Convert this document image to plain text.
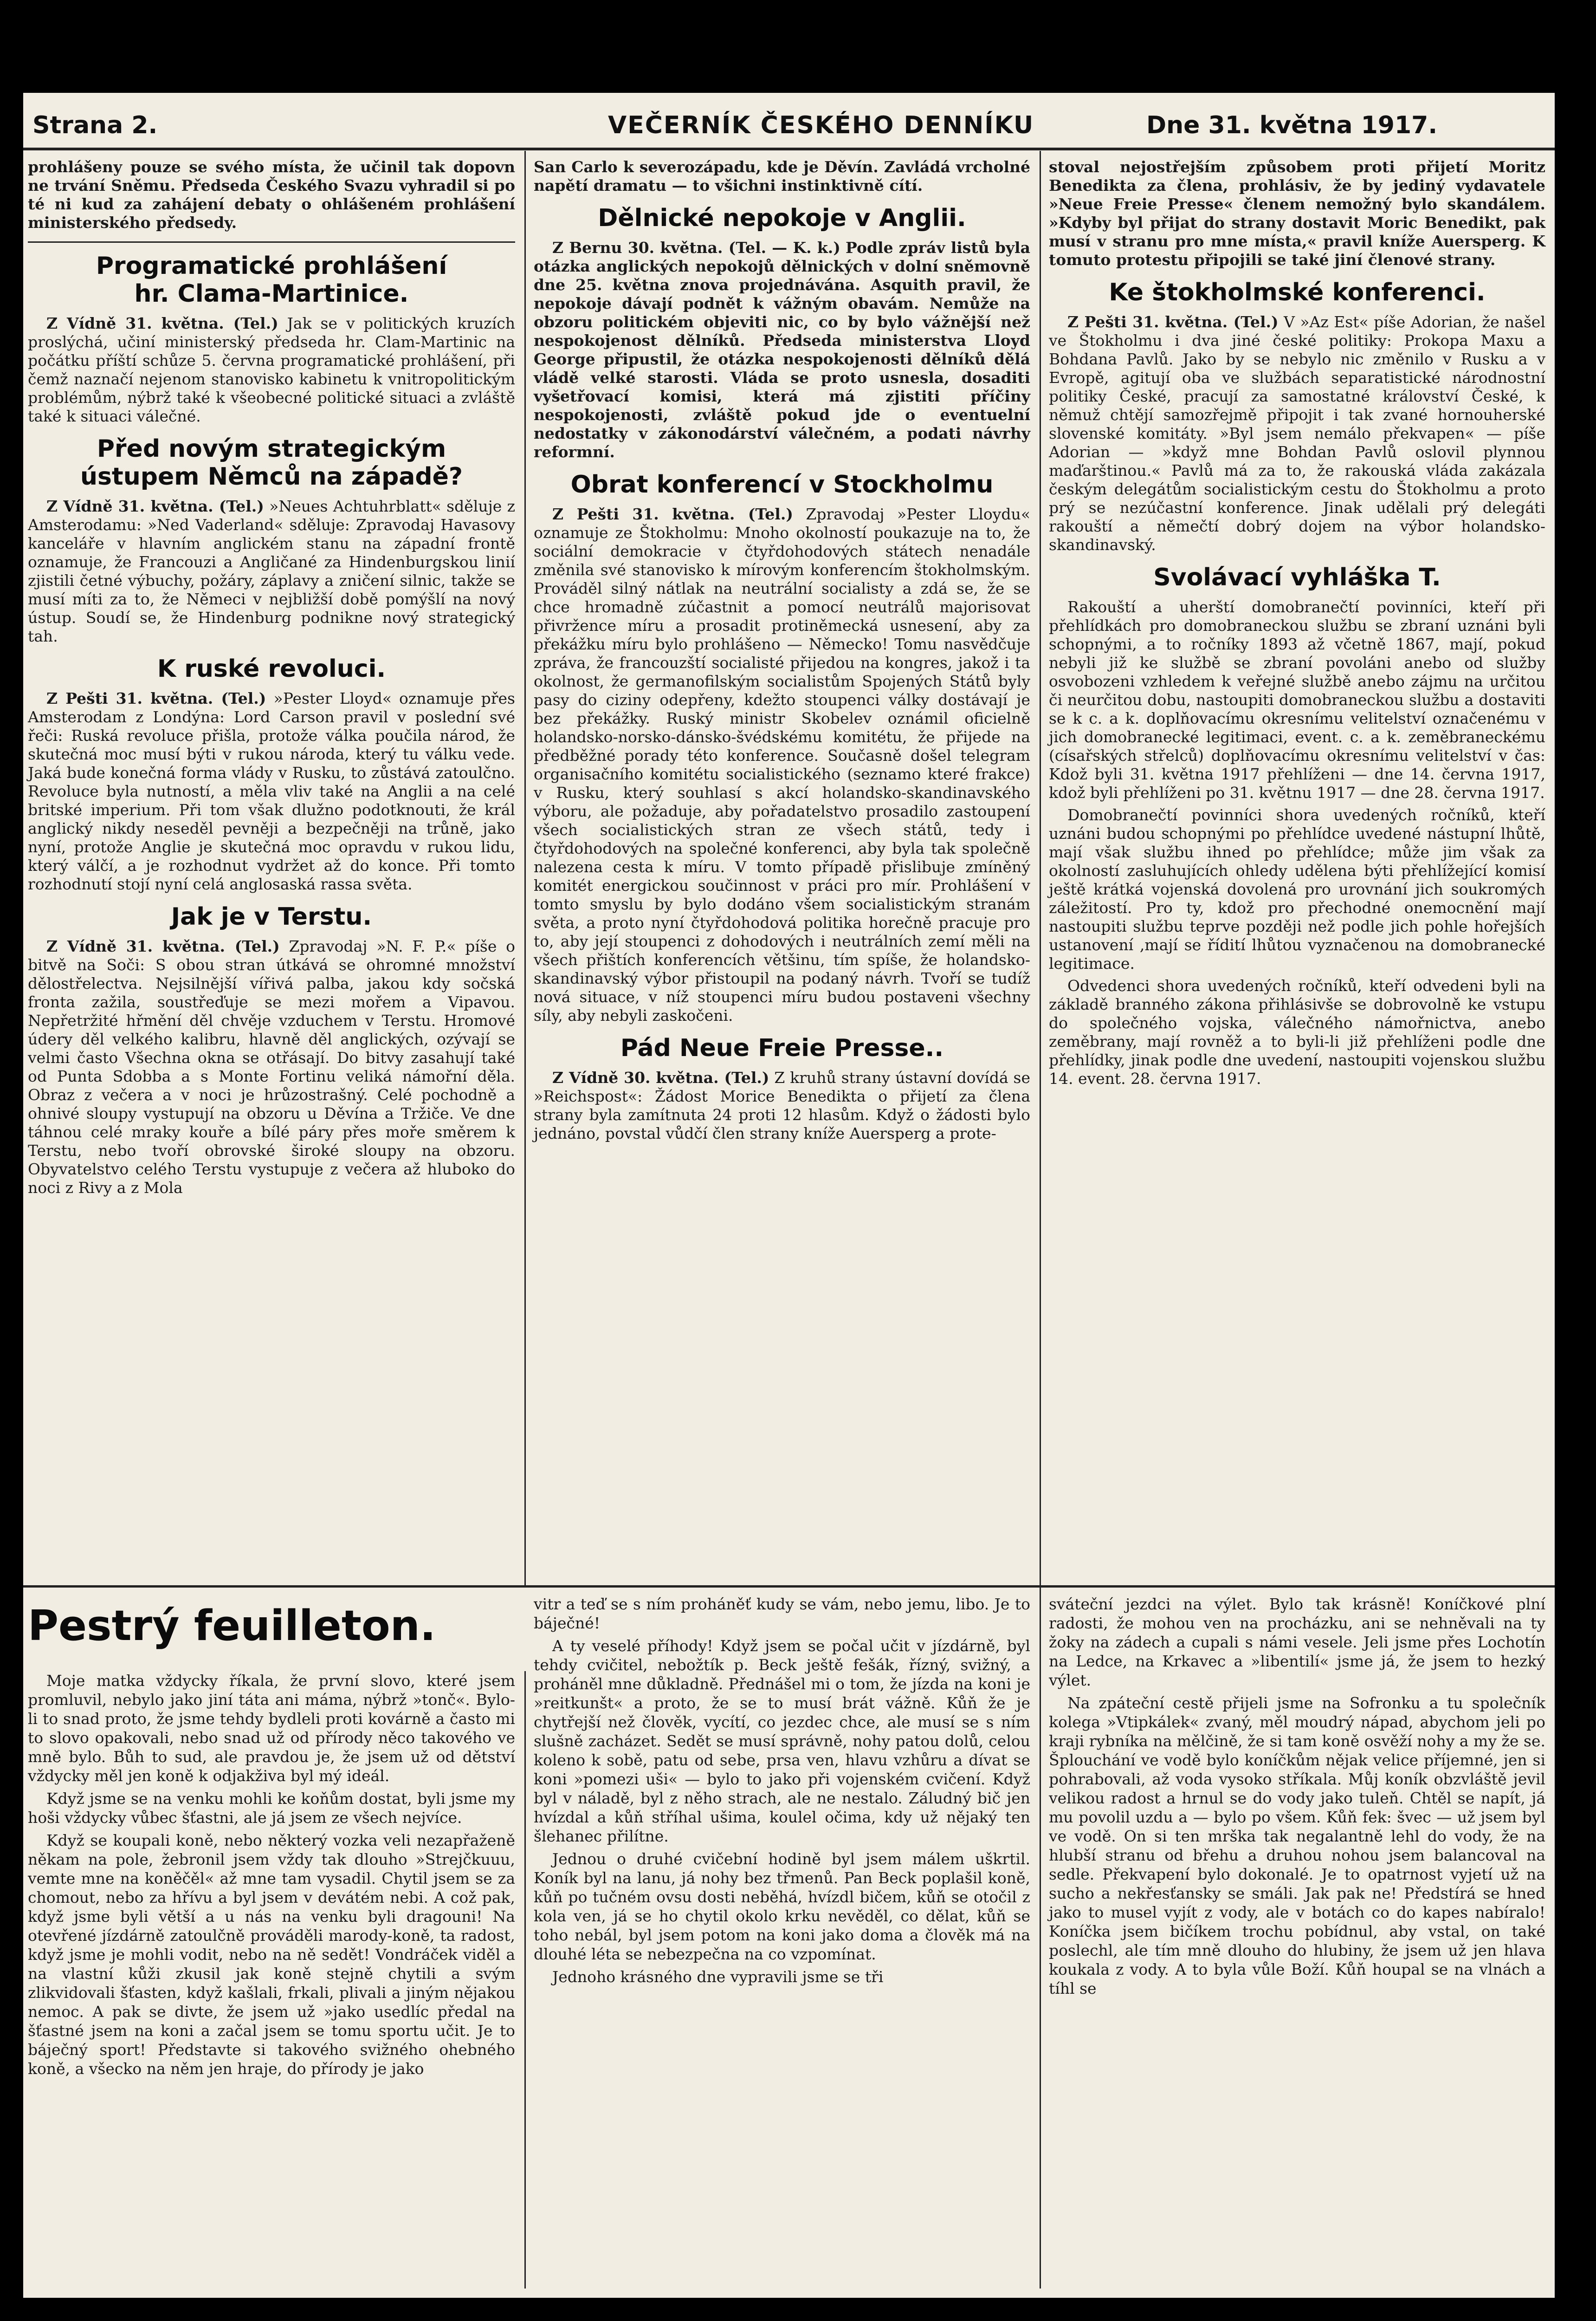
Strana 2.	VEČERNÍK ČESKÉHO DENNÍKU	Dne 31. května 1917.

prohlášeny pouze se svého místa, že učinil tak dopovn ne trvání Sněmu. Předseda Českého Svazu vyhradil si po té ni kud za zahájení debaty o ohlášeném prohlášení ministerského předsedy.

Programatické prohlášení
hr. Clama-Martinice.

Z Vídně 31. května. (Tel.) Jak se v politických kruzích proslýchá, učiní ministerský předseda hr. Clam-Martinic na počátku příští schůze 5. června programatické prohlášení, při čemž naznačí nejenom stanovisko kabinetu k vnitropolitickým problémům, nýbrž také k všeobecné politické situaci a zvláště také k situaci válečné.

Před novým strategickým
ústupem Němců na západě?

Z Vídně 31. května. (Tel.) »Neues Achtuhrblatt« sděluje z Amsterodamu: »Ned Vaderland« sděluje: Zpravodaj Havasovy kanceláře v hlavním anglickém stanu na západní frontě oznamuje, že Francouzi a Angličané za Hindenburgskou linií zjistili četné výbuchy, požáry, záplavy a zničení silnic, takže se musí míti za to, že Němeci v nejbližší době pomýšlí na nový ústup. Soudí se, že Hindenburg podnikne nový strategický tah.

K ruské revoluci.

Z Pešti 31. května. (Tel.) »Pester Lloyd« oznamuje přes Amsterodam z Londýna: Lord Carson pravil v poslední své řeči: Ruská revoluce přišla, protože válka poučila národ, že skutečná moc musí býti v rukou národa, který tu válku vede. Jaká bude konečná forma vlády v Rusku, to zůstává zatoulčno. Revoluce byla nutností, a měla vliv také na Anglii a na celé britské imperium. Při tom však dlužno podotknouti, že král anglický nikdy neseděl pevněji a bezpečněji na trůně, jako nyní, protože Anglie je skutečná moc opravdu v rukou lidu, který válčí, a je rozhodnut vydržet až do konce. Při tomto rozhodnutí stojí nyní celá anglosaská rassa světa.

Jak je v Terstu.

Z Vídně 31. května. (Tel.) Zpravodaj »N. F. P.« píše o bitvě na Soči: S obou stran útkává se ohromné množství dělostřelectva. Nejsilnější vířivá palba, jakou kdy sočská fronta zažila, soustřeďuje se mezi mořem a Vipavou. Nepřetržité hřmění děl chvěje vzduchem v Terstu. Hromové údery děl velkého kalibru, hlavně děl anglických, ozývají se velmi často Všechna okna se otřásají. Do bitvy zasahují také od Punta Sdobba a s Monte Fortinu veliká námořní děla. Obraz z večera a v noci je hrůzostrašný. Celé pochodně a ohnivé sloupy vystupují na obzoru u Děvína a Tržiče. Ve dne táhnou celé mraky kouře a bílé páry přes moře směrem k Terstu, nebo tvoří obrovské široké sloupy na obzoru. Obyvatelstvo celého Terstu vystupuje z večera až hluboko do noci z Rivy a z Mola

San Carlo k severozápadu, kde je Děvín. Zavládá vrcholné napětí dramatu — to všichni instinktivně cítí.

Dělnické nepokoje v Anglii.

Z Bernu 30. května. (Tel. — K. k.) Podle zpráv listů byla otázka anglických nepokojů dělnických v dolní sněmovně dne 25. května znova projednávána. Asquith pravil, že nepokoje dávají podnět k vážným obavám. Nemůže na obzoru politickém objeviti nic, co by bylo vážnější než nespokojenost dělníků. Předseda ministerstva Lloyd George připustil, že otázka nespokojenosti dělníků dělá vládě velké starosti. Vláda se proto usnesla, dosaditi vyšetřovací komisi, která má zjistiti příčiny nespokojenosti, zvláště pokud jde o eventuelní nedostatky v zákonodárství válečném, a podati návrhy reformní.

Obrat konferencí v Stockholmu

Z Pešti 31. května. (Tel.) Zpravodaj »Pester Lloydu« oznamuje ze Štokholmu: Mnoho okolností poukazuje na to, že sociální demokracie v čtyřdohodových státech nenadále změnila své stanovisko k mírovým konferencím štokholmským. Prováděl silný nátlak na neutrální socialisty a zdá se, že se chce hromadně zúčastnit a pomocí neutrálů majorisovat přivržence míru a prosadit protiněmecká usnesení, aby za překážku míru bylo prohlášeno — Německo! Tomu nasvědčuje zpráva, že francouzští socialisté přijedou na kongres, jakož i ta okolnost, že germanofilským socialistům Spojených Států byly pasy do ciziny odepřeny, kdežto stoupenci války dostávají je bez překážky. Ruský ministr Skobelev oznámil oficielně holandsko-norsko-dánsko-švédskému komitétu, že přijede na předběžné porady této konference. Současně došel telegram organisačního komitétu socialistického (seznamo které frakce) v Rusku, který souhlasí s akcí holandsko-skandinavského výboru, ale požaduje, aby pořadatelstvo prosadilo zastoupení všech socialistických stran ze všech států, tedy i čtyřdohodových na společné konferenci, aby byla tak společně nalezena cesta k míru. V tomto případě přislibuje zmíněný komitét energickou součinnost v práci pro mír. Prohlášení v tomto smyslu by bylo dodáno všem socialistickým stranám světa, a proto nyní čtyřdohodová politika horečně pracuje pro to, aby její stoupenci z dohodových i neutrálních zemí měli na všech přištích konferencích většinu, tím spíše, že holandsko-skandinavský výbor přistoupil na podaný návrh. Tvoří se tudíž nová situace, v níž stoupenci míru budou postaveni všechny síly, aby nebyli zaskočeni.

Pád Neue Freie Presse..

Z Vídně 30. května. (Tel.) Z kruhů strany ústavní dovídá se »Reichspost«: Žádost Morice Benedikta o přijetí za člena strany byla zamítnuta 24 proti 12 hlasům. Když o žádosti bylo jednáno, povstal vůdčí člen strany kníže Auersperg a prote-

stoval nejostřejším způsobem proti přijetí Moritz Benedikta za člena, prohlásiv, že by jediný vydavatele »Neue Freie Presse« členem nemožný bylo skandálem. »Kdyby byl přijat do strany dostavit Moric Benedikt, pak musí v stranu pro mne místa,« pravil kníže Auersperg. K tomuto protestu připojili se také jiní členové strany.

Ke štokholmské konferenci.

Z Pešti 31. května. (Tel.) V »Az Est« píše Adorian, že našel ve Štokholmu i dva jiné české politiky: Prokopa Maxu a Bohdana Pavlů. Jako by se nebylo nic změnilo v Rusku a v Evropě, agitují oba ve službách separatistické národnostní politiky České, pracují za samostatné království České, k němuž chtějí samozřejmě připojit i tak zvané hornouherské slovenské komitáty. »Byl jsem nemálo překvapen« — píše Adorian — »když mne Bohdan Pavlů oslovil plynnou maďarštinou.« Pavlů má za to, že rakouská vláda zakázala českým delegátům socialistickým cestu do Štokholmu a proto prý se nezúčastní konference. Jinak udělali prý delegáti rakouští a němečtí dobrý dojem na výbor holandsko-skandinavský.

Svolávací vyhláška T.

Rakouští a uherští domobranečtí povinníci, kteří při přehlídkách pro domobraneckou službu se zbraní uznáni byli schopnými, a to ročníky 1893 až včetně 1867, mají, pokud nebyli již ke službě se zbraní povoláni anebo od služby osvobozeni vzhledem k veřejné službě anebo zájmu na určitou či neurčitou dobu, nastoupiti domobraneckou službu a dostaviti se k c. a k. doplňovacímu okresnímu velitelství označenému v jich domobranecké legitimaci, event. c. a k. zeměbraneckému (císařských střelců) doplňovacímu okresnímu velitelství v čas: Kdož byli 31. května 1917 přehlíženi — dne 14. června 1917, kdož byli přehlíženi po 31. květnu 1917 — dne 28. června 1917.

Domobranečtí povinníci shora uvedených ročníků, kteří uznáni budou schopnými po přehlídce uvedené nástupní lhůtě, mají však službu ihned po přehlídce; může jim však za okolností zasluhujících ohledy udělena býti přehlížející komisí ještě krátká vojenská dovolená pro urovnání jich soukromých záležitostí. Pro ty, kdož pro přechodné onemocnění mají nastoupiti službu teprve později než podle jich pohle hořejších ustanovení ,mají se řídití lhůtou vyznačenou na domobranecké legitimace.

Odvedenci shora uvedených ročníků, kteří odvedeni byli na základě branného zákona přihlásivše se dobrovolně ke vstupu do společného vojska, válečného námořnictva, anebo zeměbrany, mají rovněž a to byli-li již přehlíženi podle dne přehlídky, jinak podle dne uvedení, nastoupiti vojenskou službu 14. event. 28. června 1917.

Pestrý feuilleton.

Moje matka vždycky říkala, že první slovo, které jsem promluvil, nebylo jako jiní táta ani máma, nýbrž »tonč«. Bylo-li to snad proto, že jsme tehdy bydleli proti kovárně a často mi to slovo opakovali, nebo snad už od přírody něco takového ve mně bylo. Bůh to sud, ale pravdou je, že jsem už od dětství vždycky měl jen koně k odjakživa byl mý ideál.

Když jsme se na venku mohli ke koňům dostat, byli jsme my hoši vždycky vůbec šťastni, ale já jsem ze všech nejvíce.

Když se koupali koně, nebo některý vozka veli nezapřaženě někam na pole, žebronil jsem vždy tak dlouho »Strejčkuuu, vemte mne na koněčěl« až mne tam vysadil. Chytil jsem se za chomout, nebo za hřívu a byl jsem v devátém nebi. A což pak, když jsme byli větší a u nás na venku byli dragouni! Na otevřené jízdárně zatoulčně prováděli marody-koně, ta radost, když jsme je mohli vodit, nebo na ně sedět! Vondráček viděl a na vlastní kůži zkusil jak koně stejně chytili a svým zlikvidovali šťasten, když kašlali, frkali, plivali a jiným nějakou nemoc. A pak se divte, že jsem už »jako usedlíc předal na šťastné jsem na koni a začal jsem se tomu sportu učit. Je to báječný sport! Představte si takového svižného ohebného koně, a všecko na něm jen hraje, do přírody je jako

vitr a teď se s ním proháněť kudy se vám, nebo jemu, libo. Je to báječné!

A ty veselé příhody! Když jsem se počal učit v jízdárně, byl tehdy cvičitel, nebožtík p. Beck ještě fešák, řízný, svižný, a proháněl mne důkladně. Přednášel mi o tom, že jízda na koni je »reitkunšt« a proto, že se to musí brát vážně. Kůň že je chytřejší než člověk, vycítí, co jezdec chce, ale musí se s ním slušně zacházet. Sedět se musí správně, nohy patou dolů, celou koleno k sobě, patu od sebe, prsa ven, hlavu vzhůru a dívat se koni »pomezi uši« — bylo to jako při vojenském cvičení. Když byl v náladě, byl z něho strach, ale ne nestalo. Záludný bič jen hvízdal a kůň stříhal ušima, koulel očima, kdy už nějaký ten šlehanec přilítne.

Jednou o druhé cvičební hodině byl jsem málem uškrtil. Koník byl na lanu, já nohy bez třmenů. Pan Beck poplašil koně, kůň po tučném ovsu dosti neběhá, hvízdl bičem, kůň se otočil z kola ven, já se ho chytil okolo krku nevěděl, co dělat, kůň se toho nebál, byl jsem potom na koni jako doma a člověk má na dlouhé léta se nebezpečna na co vzpomínat.

Jednoho krásného dne vypravili jsme se tři

sváteční jezdci na výlet. Bylo tak krásně! Koníčkové plní radosti, že mohou ven na procházku, ani se nehněvali na ty žoky na zádech a cupali s námi vesele. Jeli jsme přes Lochotín na Ledce, na Krkavec a »libentilí« jsme já, že jsem to hezký výlet.

Na zpáteční cestě přijeli jsme na Sofronku a tu společník kolega »Vtipkálek« zvaný, měl moudrý nápad, abychom jeli po kraji rybníka na mělčině, že si tam koně osvěží nohy a my že se. Šplouchání ve vodě bylo koníčkům nějak velice příjemné, jen si pohrabovali, až voda vysoko stříkala. Můj koník obzvláště jevil velikou radost a hrnul se do vody jako tuleň. Chtěl se napít, já mu povolil uzdu a — bylo po všem. Kůň fek: švec — už jsem byl ve vodě. On si ten mrška tak negalantně lehl do vody, že na hlubší stranu od břehu a druhou nohou jsem balancoval na sedle. Překvapení bylo dokonalé. Je to opatrnost vyjetí už na sucho a nekřesťansky se smáli. Jak pak ne! Předstírá se hned jako to musel vyjít z vody, ale v botách co do kapes nabíralo! Koníčka jsem bičíkem trochu pobídnul, aby vstal, on také poslechl, ale tím mně dlouho do hlubiny, že jsem už jen hlava koukala z vody. A to byla vůle Boží. Kůň houpal se na vlnách a tíhl se
